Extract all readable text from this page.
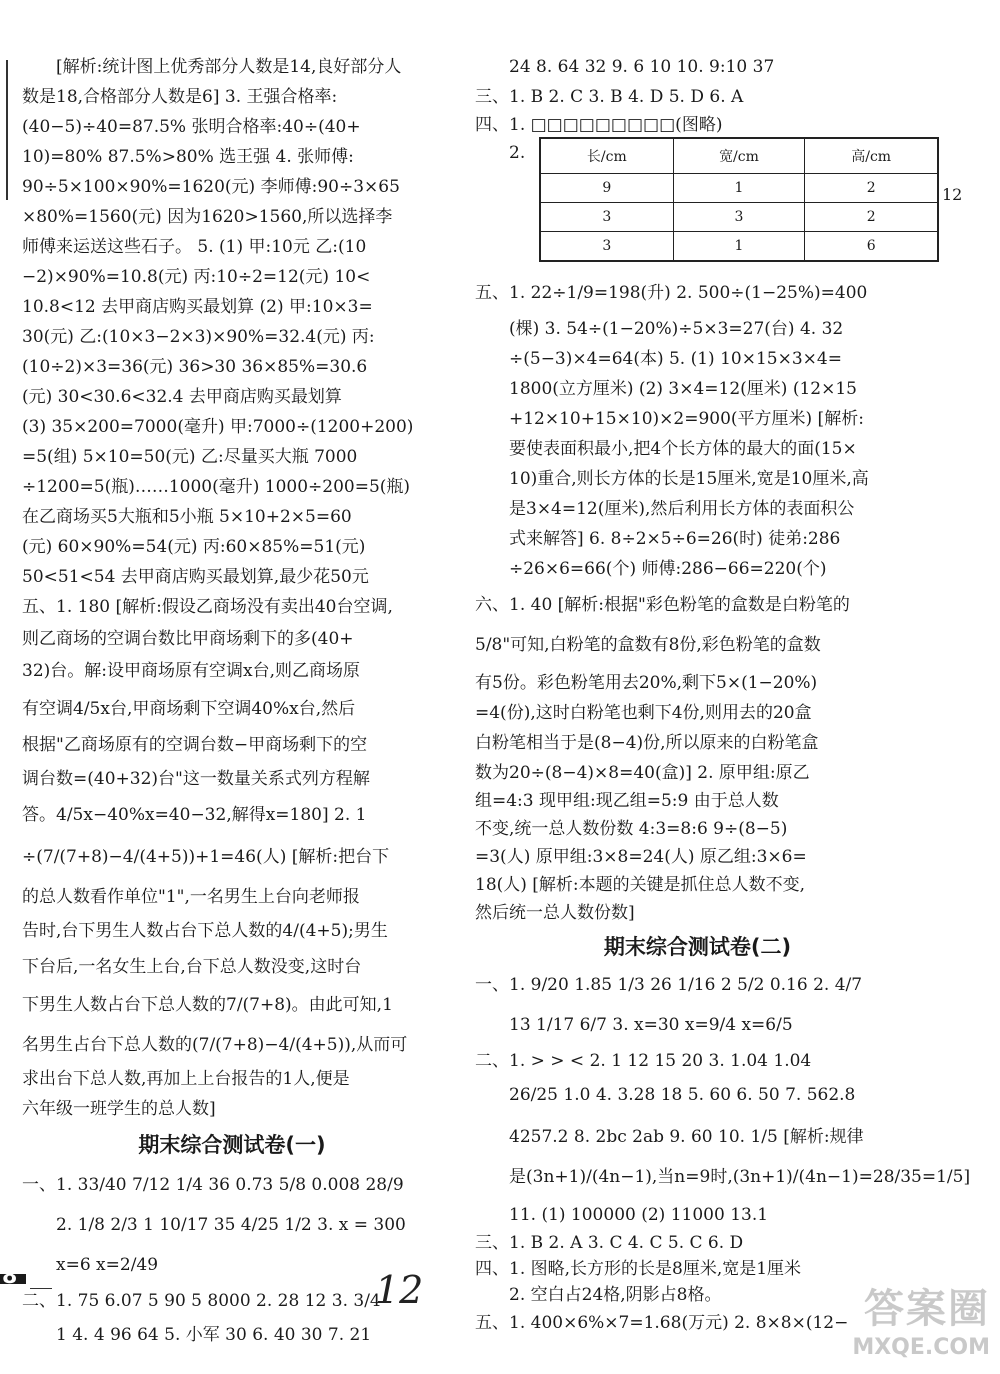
[解析:统计图上优秀部分人数是14,良好部分人
数是18,合格部分人数是6] 3. 王强合格率:
(40−5)÷40=87.5% 张明合格率:40÷(40+
10)=80% 87.5%>80% 选王强 4. 张师傅:
90÷5×100×90%=1620(元) 李师傅:90÷3×65
×80%=1560(元) 因为1620>1560,所以选择李
师傅来运送这些石子。 5. (1) 甲:10元 乙:(10
−2)×90%=10.8(元) 丙:10÷2=12(元) 10<
10.8<12 去甲商店购买最划算 (2) 甲:10×3=
30(元) 乙:(10×3−2×3)×90%=32.4(元) 丙:
(10÷2)×3=36(元) 36>30 36×85%=30.6
(元) 30<30.6<32.4 去甲商店购买最划算
(3) 35×200=7000(毫升) 甲:7000÷(1200+200)
=5(组) 5×10=50(元) 乙:尽量买大瓶 7000
÷1200=5(瓶)……1000(毫升) 1000÷200=5(瓶)
在乙商场买5大瓶和5小瓶 5×10+2×5=60
(元) 60×90%=54(元) 丙:60×85%=51(元)
50<51<54 去甲商店购买最划算,最少花50元
五、1. 180 [解析:假设乙商场没有卖出40台空调,
则乙商场的空调台数比甲商场剩下的多(40+
32)台。解:设甲商场原有空调x台,则乙商场原
有空调4/5x台,甲商场剩下空调40%x台,然后
根据"乙商场原有的空调台数−甲商场剩下的空
调台数=(40+32)台"这一数量关系式列方程解
答。4/5x−40%x=40−32,解得x=180] 2. 1
÷(7/(7+8)−4/(4+5))+1=46(人) [解析:把台下
的总人数看作单位"1",一名男生上台向老师报
告时,台下男生人数占台下总人数的4/(4+5);男生
下台后,一名女生上台,台下总人数没变,这时台
下男生人数占台下总人数的7/(7+8)。由此可知,1
名男生占台下总人数的(7/(7+8)−4/(4+5)),从而可
求出台下总人数,再加上上台报告的1人,便是
六年级一班学生的总人数]
期末综合测试卷(一)
一、1. 33/40 7/12 1/4 36 0.73 5/8 0.008 28/9
2. 1/8 2/3 1 10/17 35 4/25 1/2 3. x = 300
x=6 x=2/49
二、1. 75 6.07 5 90 5 8000 2. 28 12 3. 3/4
1 4. 4 96 64 5. 小军 30 6. 40 30 7. 21
24 8. 64 32 9. 6 10 10. 9:10 37
三、1. B 2. C 3. B 4. D 5. D 6. A
四、1. □□□□□□□□□(图略)
2.
五、1. 22÷1/9=198(升) 2. 500÷(1−25%)=400
(棵) 3. 54÷(1−20%)÷5×3=27(台) 4. 32
÷(5−3)×4=64(本) 5. (1) 10×15×3×4=
1800(立方厘米) (2) 3×4=12(厘米) (12×15
+12×10+15×10)×2=900(平方厘米) [解析:
要使表面积最小,把4个长方体的最大的面(15×
10)重合,则长方体的长是15厘米,宽是10厘米,高
是3×4=12(厘米),然后利用长方体的表面积公
式来解答] 6. 8÷2×5÷6=26(时) 徒弟:286
÷26×6=66(个) 师傅:286−66=220(个)
六、1. 40 [解析:根据"彩色粉笔的盒数是白粉笔的
5/8"可知,白粉笔的盒数有8份,彩色粉笔的盒数
有5份。彩色粉笔用去20%,剩下5×(1−20%)
=4(份),这时白粉笔也剩下4份,则用去的20盒
白粉笔相当于是(8−4)份,所以原来的白粉笔盒
数为20÷(8−4)×8=40(盒)] 2. 原甲组:原乙
组=4:3 现甲组:现乙组=5:9 由于总人数
不变,统一总人数份数 4:3=8:6 9÷(8−5)
=3(人) 原甲组:3×8=24(人) 原乙组:3×6=
18(人) [解析:本题的关键是抓住总人数不变,
然后统一总人数份数]
期末综合测试卷(二)
一、1. 9/20 1.85 1/3 26 1/16 2 5/2 0.16 2. 4/7
13 1/17 6/7 3. x=30 x=9/4 x=6/5
二、1. > > < 2. 1 12 15 20 3. 1.04 1.04
26/25 1.0 4. 3.28 18 5. 60 6. 50 7. 562.8
4257.2 8. 2bc 2ab 9. 60 10. 1/5 [解析:规律
是(3n+1)/(4n−1),当n=9时,(3n+1)/(4n−1)=28/35=1/5]
11. (1) 100000 (2) 11000 13.1
三、1. B 2. A 3. C 4. C 5. C 6. D
四、1. 图略,长方形的长是8厘米,宽是1厘米
2. 空白占24格,阴影占8格。
五、1. 400×6%×7=1.68(万元) 2. 8×8×(12−
长/cm	宽/cm	高/cm
9	1	2
3	3	2
3	1	6
12
8	12	答案圈
MXQE.COM
